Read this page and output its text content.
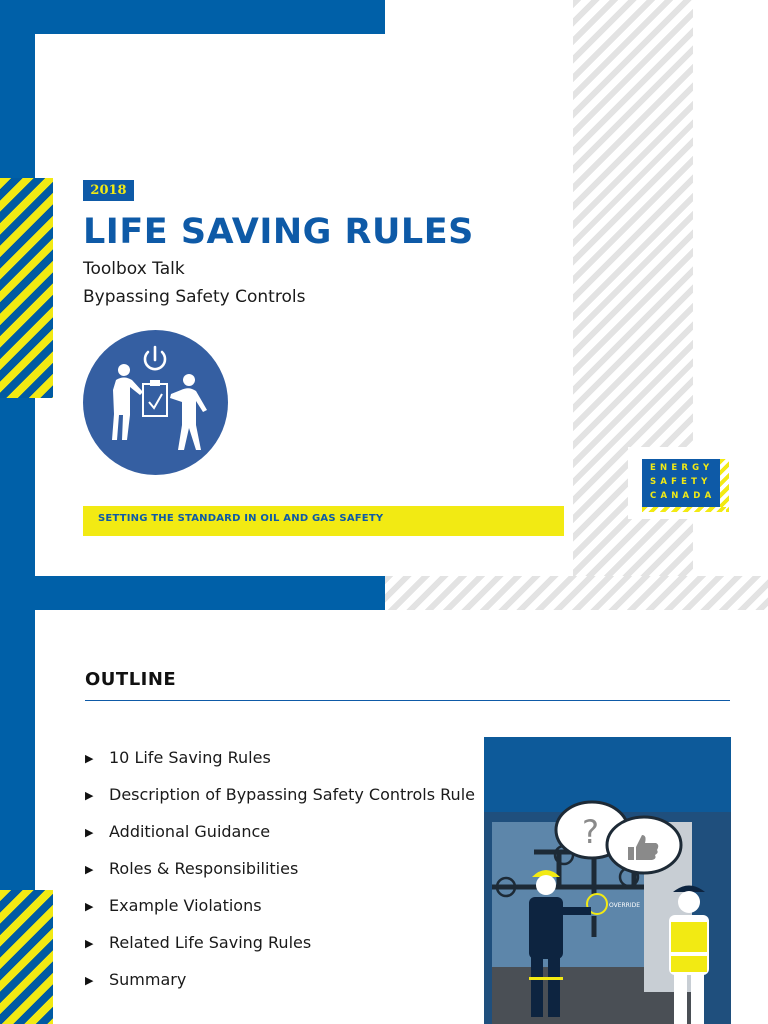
2018
LIFE SAVING RULES
Toolbox Talk
Bypassing Safety Controls
SETTING THE STANDARD IN OIL AND GAS SAFETY
ENERGY
SAFETY
CANADA
OUTLINE
▶ 10 Life Saving Rules
▶ Description of Bypassing Safety Controls Rule
▶ Additional Guidance
▶ Roles & Responsibilities
▶ Example Violations
▶ Related Life Saving Rules
▶ Summary
OVERRIDE
?
